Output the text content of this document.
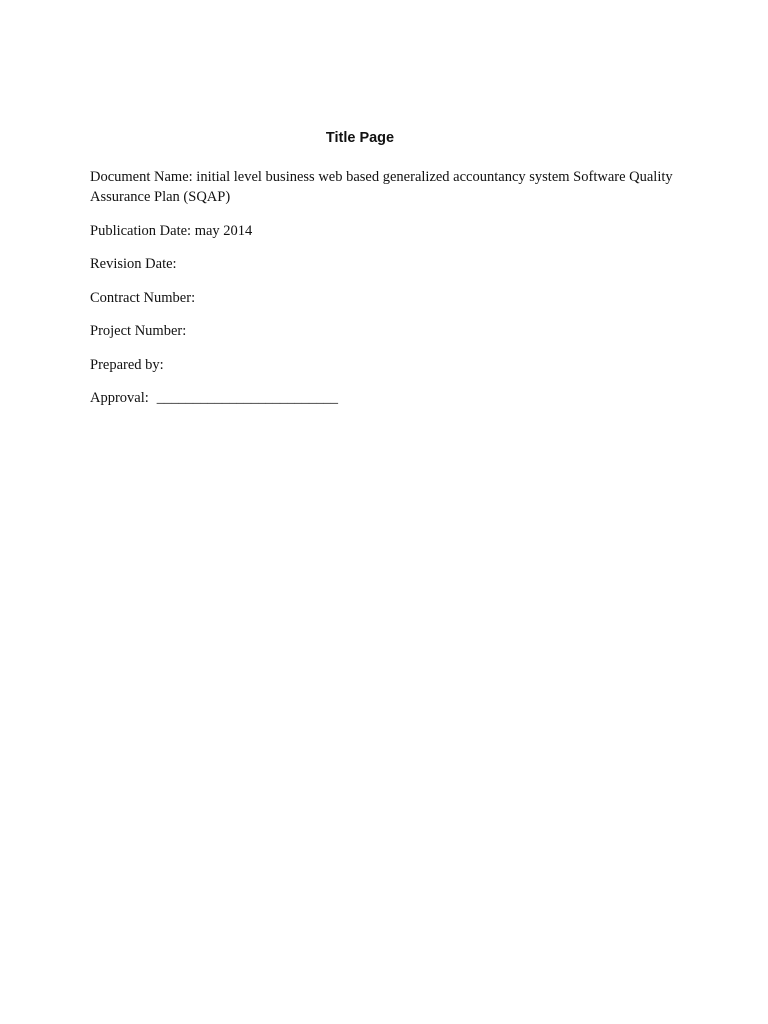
Title Page
Document Name: initial level business web based generalized accountancy system Software Quality Assurance Plan (SQAP)
Publication Date: may 2014
Revision Date:
Contract Number:
Project Number:
Prepared by:
Approval: _________________________
